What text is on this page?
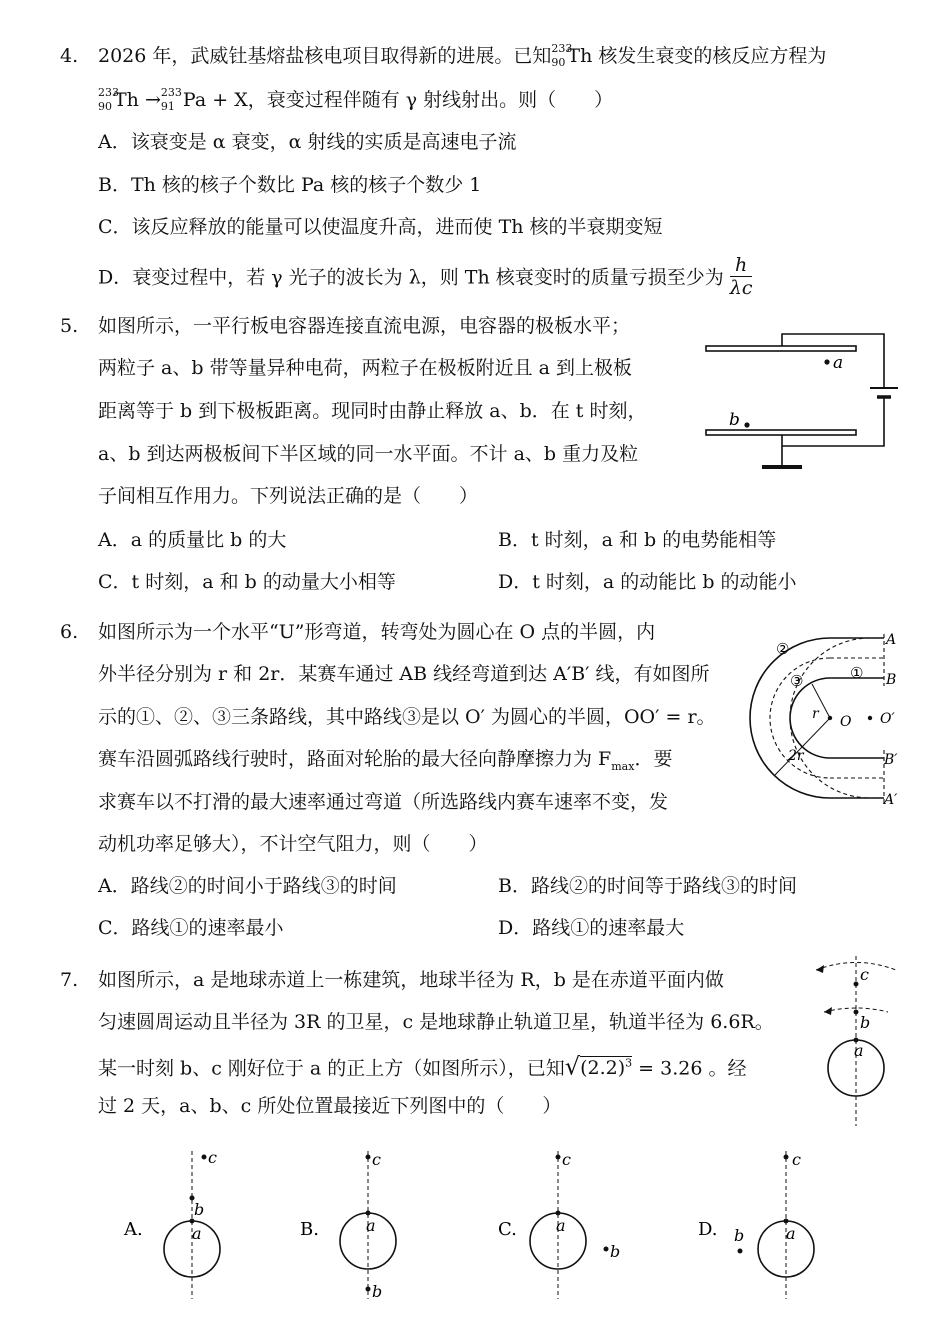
4. 2026 年，武威钍基熔盐核电项目取得新的进展。已知 233
90 Th 核发生衰变的核反应方程为
233
90 Th → 233
91 Pa + X，衰变过程伴随有 γ 射线射出。则（　　）
A．该衰变是 α 衰变，α 射线的实质是高速电子流
B．Th 核的核子个数比 Pa 核的核子个数少 1
C．该反应释放的能量可以使温度升高，进而使 Th 核的半衰期变短
D．衰变过程中，若 γ 光子的波长为 λ，则 Th 核衰变时的质量亏损至少为 $\frac{h}{\lambda c}$
5. 如图所示，一平行板电容器连接直流电源，电容器的极板水平；
两粒子 a、b 带等量异种电荷，两粒子在极板附近且 a 到上极板
距离等于 b 到下极板距离。现同时由静止释放 a、b．在 t 时刻，
a、b 到达两极板间下半区域的同一水平面。不计 a、b 重力及粒
子间相互作用力。下列说法正确的是（　　）
A．a 的质量比 b 的大	B．t 时刻，a 和 b 的电势能相等
C．t 时刻，a 和 b 的动量大小相等	D．t 时刻，a 的动能比 b 的动能小
a
b
6. 如图所示为一个水平“U”形弯道，转弯处为圆心在 O 点的半圆，内
外半径分别为 r 和 2r．某赛车通过 AB 线经弯道到达 A′B′ 线，有如图所
示的①、②、③三条路线，其中路线③是以 O′ 为圆心的半圆，OO′ = r。
赛车沿圆弧路线行驶时，路面对轮胎的最大径向静摩擦力为 $F_{max}$．要
求赛车以不打滑的最大速率通过弯道（所选路线内赛车速率不变，发
动机功率足够大），不计空气阻力，则（　　）
A．路线②的时间小于路线③的时间	B．路线②的时间等于路线③的时间
C．路线①的速率最小	D．路线①的速率最大
A
B
B′
A′
O O′
r
2r
①
②
③
7. 如图所示，a 是地球赤道上一栋建筑，地球半径为 R，b 是在赤道平面内做
匀速圆周运动且半径为 3R 的卫星，c 是地球静止轨道卫星，轨道半径为 6.6R。
某一时刻 b、c 刚好位于 a 的正上方（如图所示），已知$√(2.2)^3 = 3.26$ 。经
过 2 天，a、b、c 所处位置最接近下列图中的（　　）
c
b
a
A.
c
b
a	B.
c
a
b
C.
c
a
b
D.
c
a
b
